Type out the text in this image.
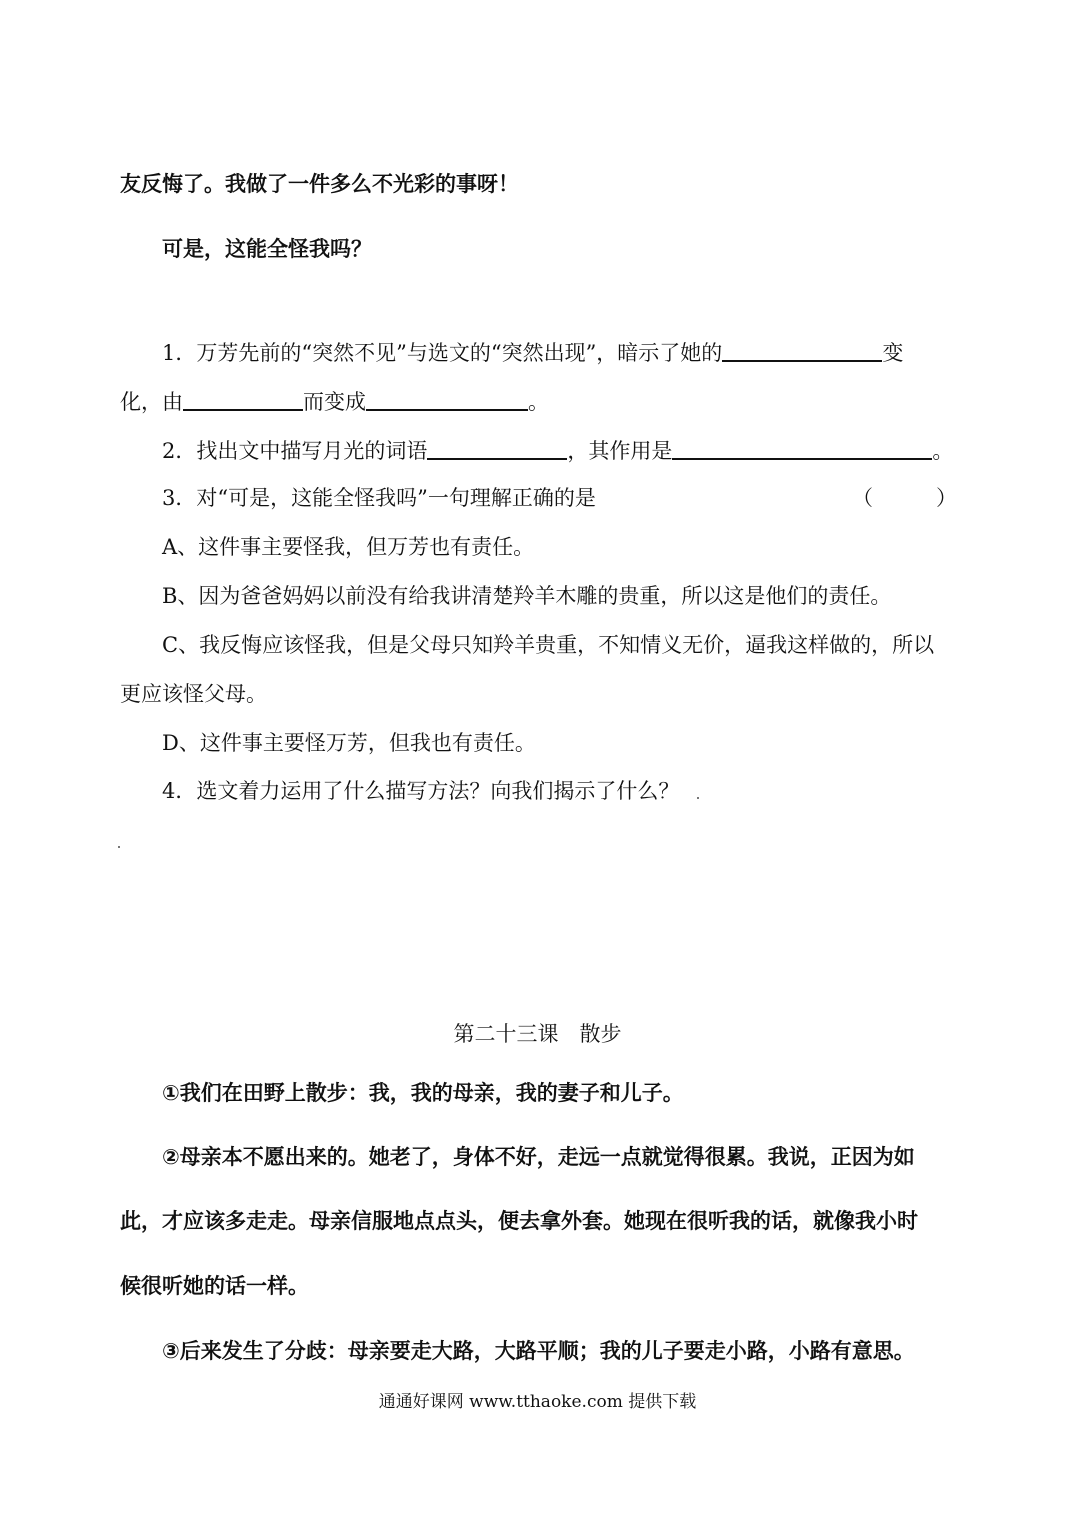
友反悔了。我做了一件多么不光彩的事呀！
可是，这能全怪我吗？
1．万芳先前的“突然不见”与选文的“突然出现”，暗示了她的	变
化，由	而变成	。
2．找出文中描写月光的词语	，其作用是	。
3．对“可是，这能全怪我吗”一句理解正确的是	（　　　）
A、这件事主要怪我，但万芳也有责任。
B、因为爸爸妈妈以前没有给我讲清楚羚羊木雕的贵重，所以这是他们的责任。
C、我反悔应该怪我，但是父母只知羚羊贵重，不知情义无价，逼我这样做的，所以
更应该怪父母。
D、这件事主要怪万芳，但我也有责任。
4．选文着力运用了什么描写方法？向我们揭示了什么？
第二十三课　散步
①我们在田野上散步：我，我的母亲，我的妻子和儿子。
②母亲本不愿出来的。她老了，身体不好，走远一点就觉得很累。我说，正因为如
此，才应该多走走。母亲信服地点点头，便去拿外套。她现在很听我的话，就像我小时
候很听她的话一样。
③后来发生了分歧：母亲要走大路，大路平顺；我的儿子要走小路，小路有意思。
通通好课网 www.tthaoke.com 提供下载
